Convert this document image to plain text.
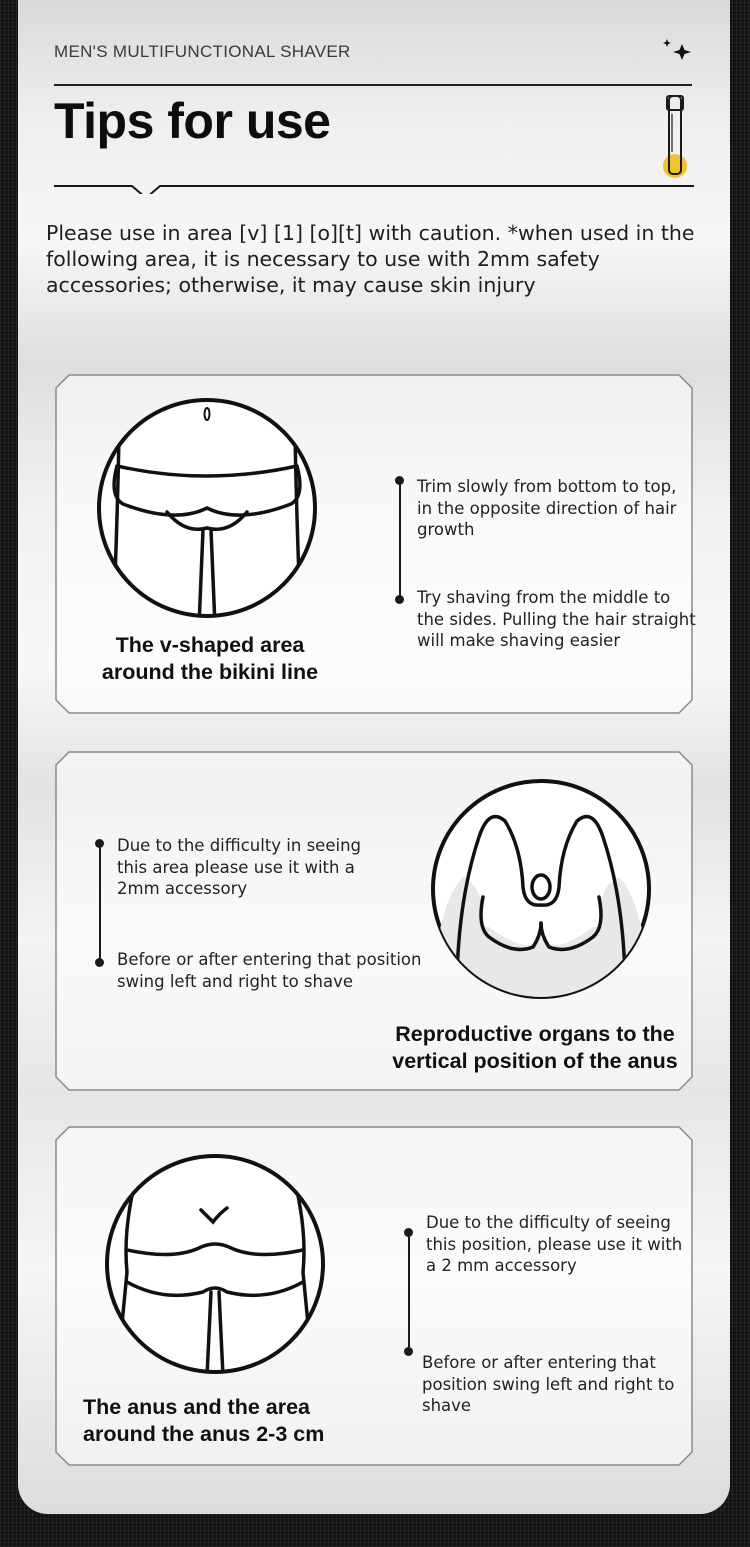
MEN'S MULTIFUNCTIONAL SHAVER
Tips for use
Please use in area [v] [1] [o][t] with caution. *when used in the following area, it is necessary to use with 2mm safety accessories; otherwise, it may cause skin injury
The v-shaped area
around the bikini line
Trim slowly from bottom to top,
in the opposite direction of hair
growth
Try shaving from the middle to
the sides. Pulling the hair straight
will make shaving easier
Due to the difficulty in seeing
this area please use it with a
2mm accessory
Before or after entering that position
swing left and right to shave
Reproductive organs to the
vertical position of the anus
The anus and the area
around the anus 2-3 cm
Due to the difficulty of seeing
this position, please use it with
a 2 mm accessory
Before or after entering that
position swing left and right to
shave
